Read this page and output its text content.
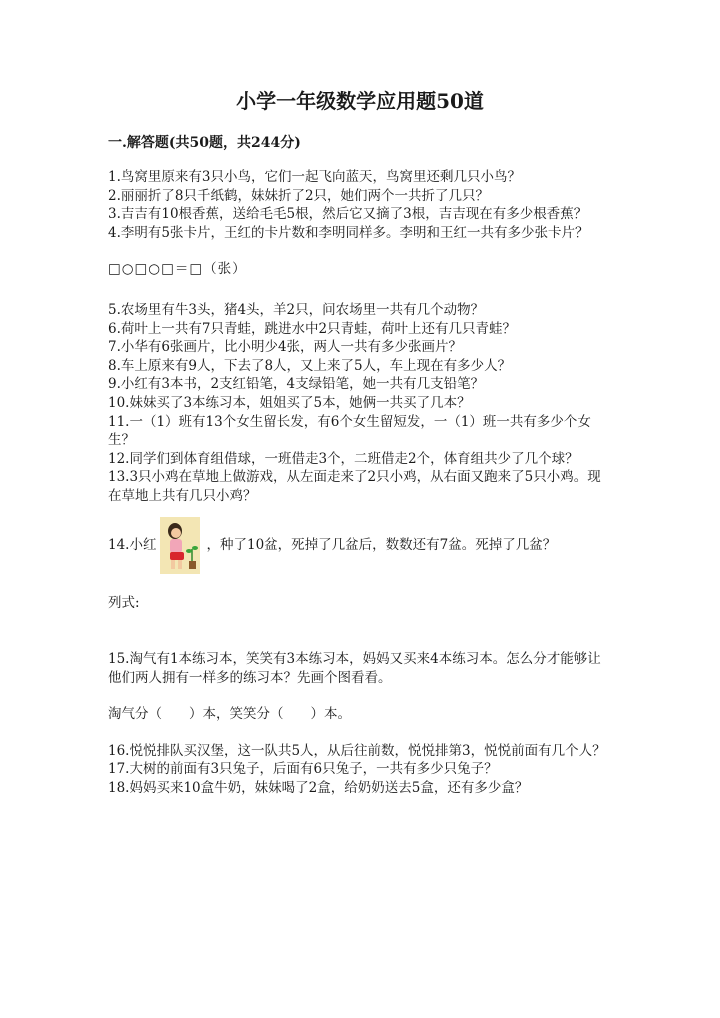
小学一年级数学应用题50道
一.解答题(共50题，共244分)

1.鸟窝里原来有3只小鸟，它们一起飞向蓝天，鸟窝里还剩几只小鸟？

2.丽丽折了8只千纸鹤，妹妹折了2只，她们两个一共折了几只？

3.吉吉有10根香蕉，送给毛毛5根，然后它又摘了3根，吉吉现在有多少根香蕉？

4.李明有5张卡片，王红的卡片数和李明同样多。李明和王红一共有多少张卡片？

□○□○□＝□（张）

5.农场里有牛3头，猪4头，羊2只，问农场里一共有几个动物？

6.荷叶上一共有7只青蛙，跳进水中2只青蛙，荷叶上还有几只青蛙？

7.小华有6张画片，比小明少4张，两人一共有多少张画片？

8.车上原来有9人，下去了8人，又上来了5人，车上现在有多少人？

9.小红有3本书，2支红铅笔，4支绿铅笔，她一共有几支铅笔？

10.妹妹买了3本练习本，姐姐买了5本，她俩一共买了几本？

11.一（1）班有13个女生留长发，有6个女生留短发，一（1）班一共有多少个女生？

12.同学们到体育组借球，一班借走3个，二班借走2个，体育组共少了几个球？

13.3只小鸡在草地上做游戏，从左面走来了2只小鸡，从右面又跑来了5只小鸡。现在草地上共有几只小鸡？

14.小红	，种了10盆，死掉了几盆后，数数还有7盆。死掉了几盆？

列式:

15.淘气有1本练习本，笑笑有3本练习本，妈妈又买来4本练习本。怎么分才能够让他们两人拥有一样多的练习本？先画个图看看。

淘气分（　　）本，笑笑分（　　）本。

16.悦悦排队买汉堡，这一队共5人，从后往前数，悦悦排第3，悦悦前面有几个人？

17.大树的前面有3只兔子，后面有6只兔子，一共有多少只兔子？

18.妈妈买来10盒牛奶，妹妹喝了2盒，给奶奶送去5盒，还有多少盒？
